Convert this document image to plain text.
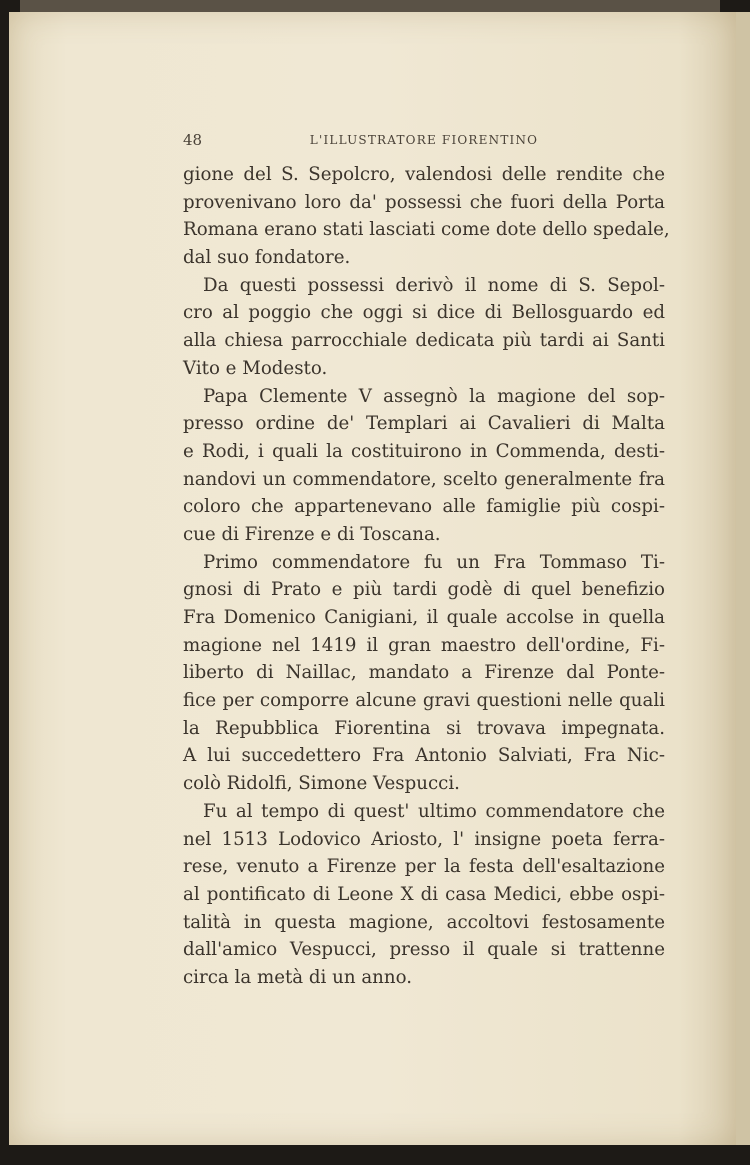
48	L'ILLUSTRATORE FIORENTINO
gione del S. Sepolcro, valendosi delle rendite che
provenivano loro da' possessi che fuori della Porta
Romana erano stati lasciati come dote dello spedale,
dal suo fondatore.
Da questi possessi derivò il nome di S. Sepol-
cro al poggio che oggi si dice di Bellosguardo ed
alla chiesa parrocchiale dedicata più tardi ai Santi
Vito e Modesto.
Papa Clemente V assegnò la magione del sop-
presso ordine de' Templari ai Cavalieri di Malta
e Rodi, i quali la costituirono in Commenda, desti-
nandovi un commendatore, scelto generalmente fra
coloro che appartenevano alle famiglie più cospi-
cue di Firenze e di Toscana.
Primo commendatore fu un Fra Tommaso Ti-
gnosi di Prato e più tardi godè di quel benefizio
Fra Domenico Canigiani, il quale accolse in quella
magione nel 1419 il gran maestro dell'ordine, Fi-
liberto di Naillac, mandato a Firenze dal Ponte-
fice per comporre alcune gravi questioni nelle quali
la Repubblica Fiorentina si trovava impegnata.
A lui succedettero Fra Antonio Salviati, Fra Nic-
colò Ridolfi, Simone Vespucci.
Fu al tempo di quest' ultimo commendatore che
nel 1513 Lodovico Ariosto, l' insigne poeta ferra-
rese, venuto a Firenze per la festa dell'esaltazione
al pontificato di Leone X di casa Medici, ebbe ospi-
talità in questa magione, accoltovi festosamente
dall'amico Vespucci, presso il quale si trattenne
circa la metà di un anno.
